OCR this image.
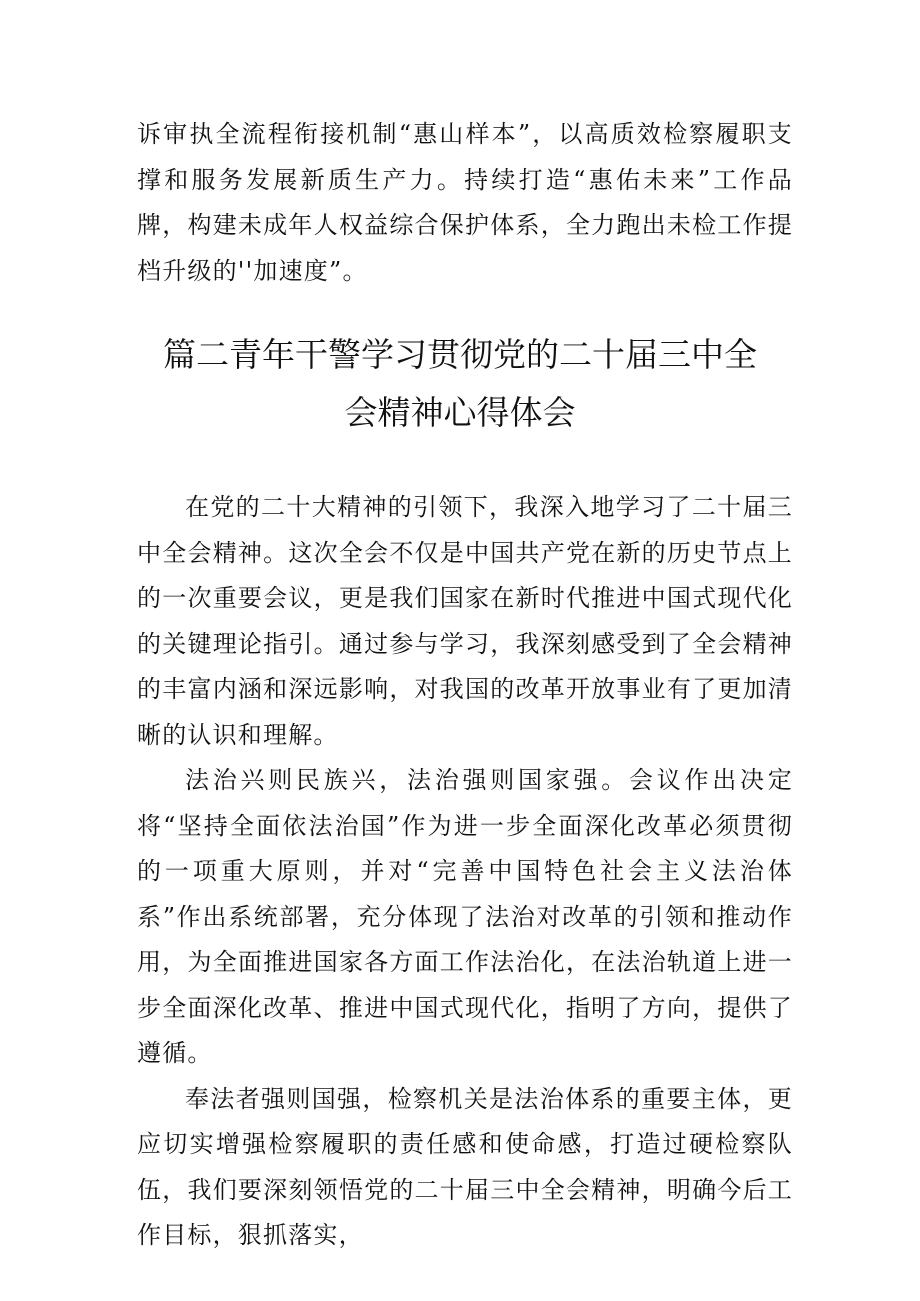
诉审执全流程衔接机制“惠山样本”，以高质效检察履职支撑和服务发展新质生产力。持续打造“惠佑未来”工作品牌，构建未成年人权益综合保护体系，全力跑出未检工作提档升级的''加速度”。

篇二青年干警学习贯彻党的二十届三中全
会精神心得体会

在党的二十大精神的引领下，我深入地学习了二十届三中全会精神。这次全会不仅是中国共产党在新的历史节点上的一次重要会议，更是我们国家在新时代推进中国式现代化的关键理论指引。通过参与学习，我深刻感受到了全会精神的丰富内涵和深远影响，对我国的改革开放事业有了更加清晰的认识和理解。

法治兴则民族兴，法治强则国家强。会议作出决定将“坚持全面依法治国”作为进一步全面深化改革必须贯彻的一项重大原则，并对“完善中国特色社会主义法治体系”作出系统部署，充分体现了法治对改革的引领和推动作用，为全面推进国家各方面工作法治化，在法治轨道上进一步全面深化改革、推进中国式现代化，指明了方向，提供了遵循。

奉法者强则国强，检察机关是法治体系的重要主体，更应切实增强检察履职的责任感和使命感，打造过硬检察队伍，我们要深刻领悟党的二十届三中全会精神，明确今后工作目标，狠抓落实，
